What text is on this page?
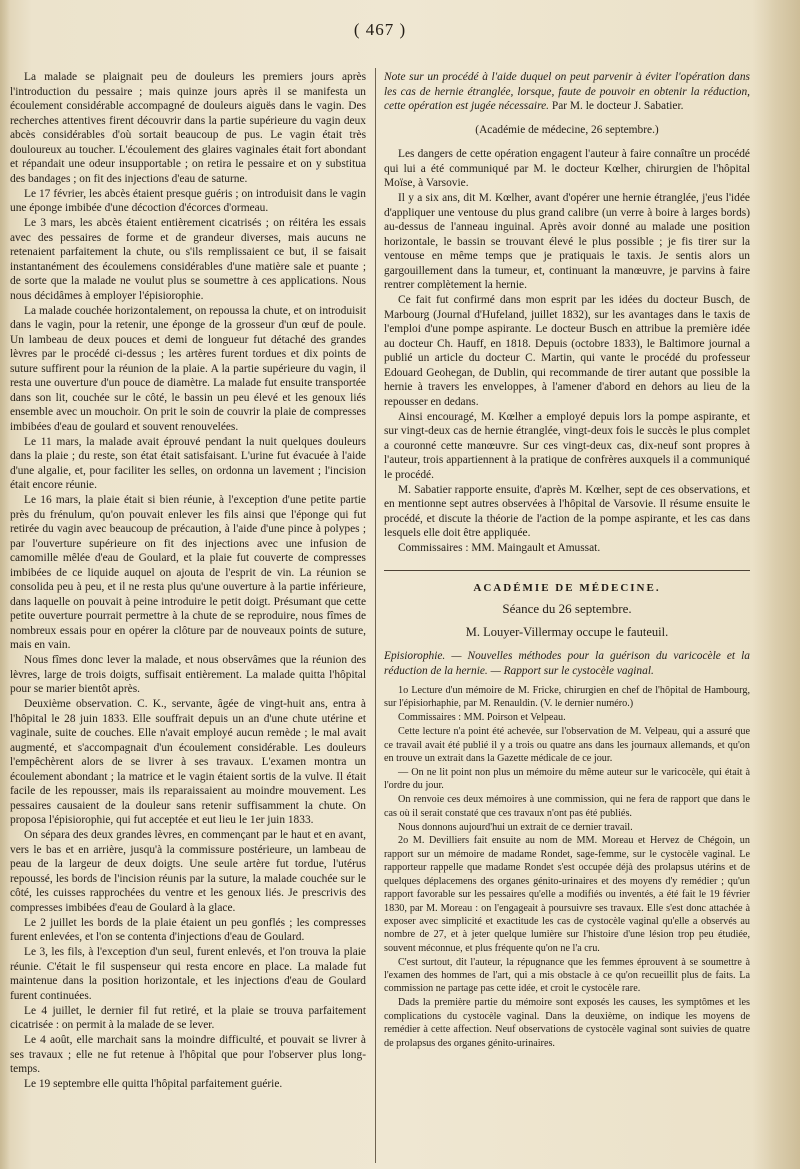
( 467 )

La malade se plaignait peu de douleurs les premiers jours après l'introduction du pessaire ; mais quinze jours après il se manifesta un écoulement considérable accompagné de douleurs aiguës dans le vagin. Des recherches attentives firent découvrir dans la partie supérieure du vagin deux abcès considérables d'où sortait beaucoup de pus. Le vagin était très douloureux au toucher. L'écoulement des glaires vaginales était fort abondant et répandait une odeur insupportable ; on retira le pessaire et on y substitua des bandages ; on fit des injections d'eau de saturne.

Le 17 février, les abcès étaient presque guéris ; on introduisit dans le vagin une éponge imbibée d'une décoction d'écorces d'ormeau.

Le 3 mars, les abcès étaient entièrement cicatrisés ; on réitéra les essais avec des pessaires de forme et de grandeur diverses, mais aucuns ne retenaient parfaitement la chute, ou s'ils remplissaient ce but, il se faisait instantanément des écoulemens considérables d'une matière sale et puante ; de sorte que la malade ne voulut plus se soumettre à ces applications. Nous nous décidâmes à employer l'épisiorophie.

La malade couchée horizontalement, on repoussa la chute, et on introduisit dans le vagin, pour la retenir, une éponge de la grosseur d'un œuf de poule. Un lambeau de deux pouces et demi de longueur fut détaché des grandes lèvres par le procédé ci-dessus ; les artères furent tordues et dix points de suture suffirent pour la réunion de la plaie. A la partie supérieure du vagin, il resta une ouverture d'un pouce de diamètre. La malade fut ensuite transportée dans son lit, couchée sur le côté, le bassin un peu élevé et les genoux liés ensemble avec un mouchoir. On prit le soin de couvrir la plaie de compresses imbibées d'eau de goulard et souvent renouvelées.

Le 11 mars, la malade avait éprouvé pendant la nuit quelques douleurs dans la plaie ; du reste, son état était satisfaisant. L'urine fut évacuée à l'aide d'une algalie, et, pour faciliter les selles, on ordonna un lavement ; l'incision était encore réunie.

Le 16 mars, la plaie était si bien réunie, à l'exception d'une petite partie près du frénulum, qu'on pouvait enlever les fils ainsi que l'éponge qui fut retirée du vagin avec beaucoup de précaution, à l'aide d'une pince à polypes ; par l'ouverture supérieure on fit des injections avec une infusion de camomille mêlée d'eau de Goulard, et la plaie fut couverte de compresses imbibées de ce liquide auquel on ajouta de l'esprit de vin. La réunion se consolida peu à peu, et il ne resta plus qu'une ouverture à la partie inférieure, dans laquelle on pouvait à peine introduire le petit doigt. Présumant que cette petite ouverture pourrait permettre à la chute de se reproduire, nous fîmes de nombreux essais pour en opérer la clôture par de nouveaux points de suture, mais en vain.

Nous fîmes donc lever la malade, et nous observâmes que la réunion des lèvres, large de trois doigts, suffisait entièrement. La malade quitta l'hôpital pour se marier bientôt après.

Deuxième observation. C. K., servante, âgée de vingt-huit ans, entra à l'hôpital le 28 juin 1833. Elle souffrait depuis un an d'une chute utérine et vaginale, suite de couches. Elle n'avait employé aucun remède ; le mal avait augmenté, et s'accompagnait d'un écoulement considérable. Les douleurs l'empêchèrent alors de se livrer à ses travaux. L'examen montra un écoulement abondant ; la matrice et le vagin étaient sortis de la vulve. Il était facile de les repousser, mais ils reparaissaient au moindre mouvement. Les pessaires causaient de la douleur sans retenir suffisamment la chute. On proposa l'épisiorophie, qui fut acceptée et eut lieu le 1er juin 1833.

On sépara des deux grandes lèvres, en commençant par le haut et en avant, vers le bas et en arrière, jusqu'à la commissure postérieure, un lambeau de peau de la largeur de deux doigts. Une seule artère fut tordue, l'utérus repoussé, les bords de l'incision réunis par la suture, la malade couchée sur le côté, les cuisses rapprochées du ventre et les genoux liés. Je prescrivis des compresses imbibées d'eau de Goulard à la glace.

Le 2 juillet les bords de la plaie étaient un peu gonflés ; les compresses furent enlevées, et l'on se contenta d'injections d'eau de Goulard.

Le 3, les fils, à l'exception d'un seul, furent enlevés, et l'on trouva la plaie réunie. C'était le fil suspenseur qui resta encore en place. La malade fut maintenue dans la position horizontale, et les injections d'eau de Goulard furent continuées.

Le 4 juillet, le dernier fil fut retiré, et la plaie se trouva parfaitement cicatrisée : on permit à la malade de se lever.

Le 4 août, elle marchait sans la moindre difficulté, et pouvait se livrer à ses travaux ; elle ne fut retenue à l'hôpital que pour l'observer plus long-temps.

Le 19 septembre elle quitta l'hôpital parfaitement guérie.

Note sur un procédé à l'aide duquel on peut parvenir à éviter l'opération dans les cas de hernie étranglée, lorsque, faute de pouvoir en obtenir la réduction, cette opération est jugée nécessaire. Par M. le docteur J. Sabatier.

(Académie de médecine, 26 septembre.)

Les dangers de cette opération engagent l'auteur à faire connaître un procédé qui lui a été communiqué par M. le docteur Kœlher, chirurgien de l'hôpital Moïse, à Varsovie.

Il y a six ans, dit M. Kœlher, avant d'opérer une hernie étranglée, j'eus l'idée d'appliquer une ventouse du plus grand calibre (un verre à boire à larges bords) au-dessus de l'anneau inguinal. Après avoir donné au malade une position horizontale, le bassin se trouvant élevé le plus possible ; je fis tirer sur la ventouse en même temps que je pratiquais le taxis. Je sentis alors un gargouillement dans la tumeur, et, continuant la manœuvre, je parvins à faire rentrer complètement la hernie.

Ce fait fut confirmé dans mon esprit par les idées du docteur Busch, de Marbourg (Journal d'Hufeland, juillet 1832), sur les avantages dans le taxis de l'emploi d'une pompe aspirante. Le docteur Busch en attribue la première idée au docteur Ch. Hauff, en 1818. Depuis (octobre 1833), le Baltimore journal a publié un article du docteur C. Martin, qui vante le procédé du professeur Edouard Geohegan, de Dublin, qui recommande de tirer autant que possible la hernie à travers les enveloppes, à l'amener d'abord en dehors au lieu de la repousser en dedans.

Ainsi encouragé, M. Kœlher a employé depuis lors la pompe aspirante, et sur vingt-deux cas de hernie étranglée, vingt-deux fois le succès le plus complet a couronné cette manœuvre. Sur ces vingt-deux cas, dix-neuf sont propres à l'auteur, trois appartiennent à la pratique de confrères auxquels il a communiqué le procédé.

M. Sabatier rapporte ensuite, d'après M. Kœlher, sept de ces observations, et en mentionne sept autres observées à l'hôpital de Varsovie. Il résume ensuite le procédé, et discute la théorie de l'action de la pompe aspirante, et les cas dans lesquels elle doit être appliquée.

Commissaires : MM. Maingault et Amussat.

ACADÉMIE DE MÉDECINE.

Séance du 26 septembre.

M. Louyer-Villermay occupe le fauteuil.

Episiorophie. — Nouvelles méthodes pour la guérison du varicocèle et la réduction de la hernie. — Rapport sur le cystocèle vaginal.

1o Lecture d'un mémoire de M. Fricke, chirurgien en chef de l'hôpital de Hambourg, sur l'épisiorhaphie, par M. Renauldin. (V. le dernier numéro.)

Commissaires : MM. Poirson et Velpeau.

Cette lecture n'a point été achevée, sur l'observation de M. Velpeau, qui a assuré que ce travail avait été publié il y a trois ou quatre ans dans les journaux allemands, et qu'on en trouve un extrait dans la Gazette médicale de ce jour.

— On ne lit point non plus un mémoire du même auteur sur le varicocèle, qui était à l'ordre du jour.

On renvoie ces deux mémoires à une commission, qui ne fera de rapport que dans le cas où il serait constaté que ces travaux n'ont pas été publiés.

Nous donnons aujourd'hui un extrait de ce dernier travail.

2o M. Devilliers fait ensuite au nom de MM. Moreau et Hervez de Chégoin, un rapport sur un mémoire de madame Rondet, sage-femme, sur le cystocèle vaginal. Le rapporteur rappelle que madame Rondet s'est occupée déjà des prolapsus utérins et de quelques déplacemens des organes génito-urinaires et des moyens d'y remédier ; qu'un rapport favorable sur les pessaires qu'elle a modifiés ou inventés, a été fait le 19 février 1830, par M. Moreau : on l'engageait à poursuivre ses travaux. Elle s'est donc attachée à exposer avec simplicité et exactitude les cas de cystocèle vaginal qu'elle a observés au nombre de 27, et à jeter quelque lumière sur l'histoire d'une lésion trop peu étudiée, souvent méconnue, et plus fréquente qu'on ne l'a cru.

C'est surtout, dit l'auteur, la répugnance que les femmes éprouvent à se soumettre à l'examen des hommes de l'art, qui a mis obstacle à ce qu'on recueillit plus de faits. La commission ne partage pas cette idée, et croit le cystocèle rare.

Dads la première partie du mémoire sont exposés les causes, les symptômes et les complications du cystocèle vaginal. Dans la deuxième, on indique les moyens de remédier à cette affection. Neuf observations de cystocèle vaginal sont suivies de quatre de prolapsus des organes génito-urinaires.
